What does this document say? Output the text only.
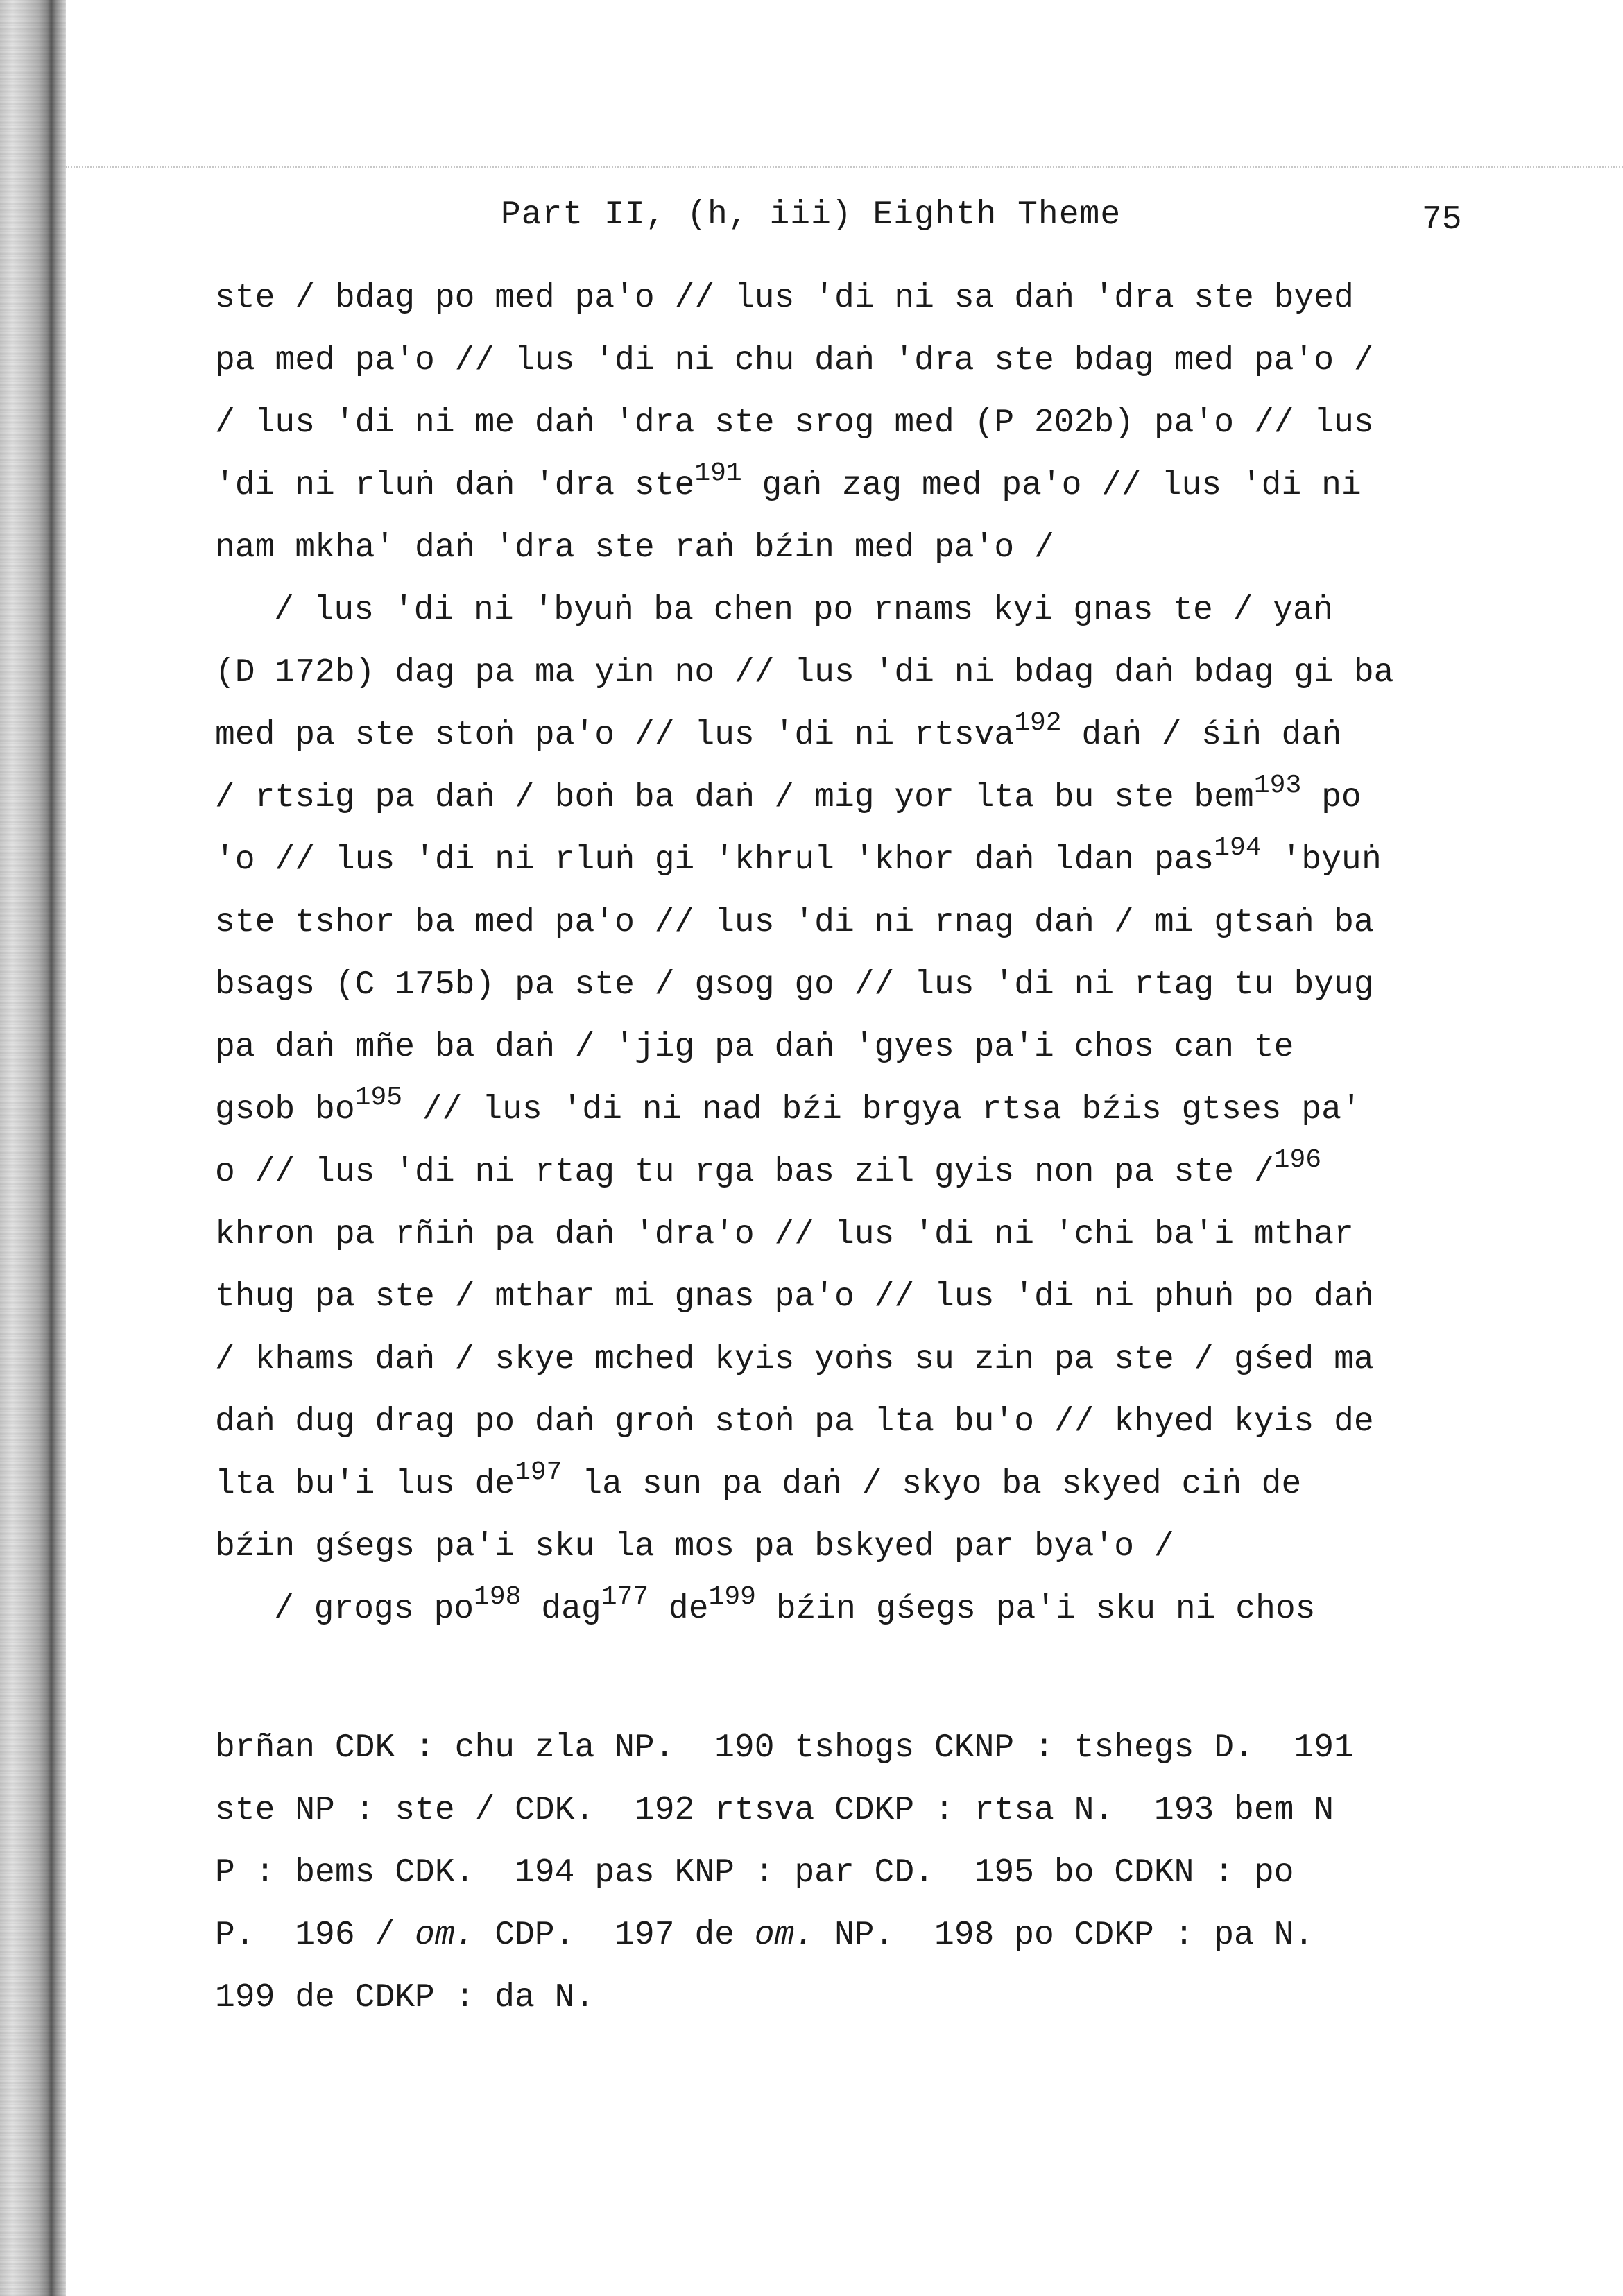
Part II, (h, iii) Eighth Theme	75
ste / bdag po med pa'o // lus 'di ni sa daṅ 'dra ste byed
pa med pa'o // lus 'di ni chu daṅ 'dra ste bdag med pa'o /
/ lus 'di ni me daṅ 'dra ste srog med (P 202b) pa'o // lus
'di ni rluṅ daṅ 'dra ste$^{191}$ gaṅ zag med pa'o // lus 'di ni
nam mkha' daṅ 'dra ste raṅ bźin med pa'o /
/ lus 'di ni 'byuṅ ba chen po rnams kyi gnas te / yaṅ
(D 172b) dag pa ma yin no // lus 'di ni bdag daṅ bdag gi ba
med pa ste stoṅ pa'o // lus 'di ni rtsva$^{192}$ daṅ / śiṅ daṅ
/ rtsig pa daṅ / boṅ ba daṅ / mig yor lta bu ste bem$^{193}$ po
'o // lus 'di ni rluṅ gi 'khrul 'khor daṅ ldan pas$^{194}$ 'byuṅ
ste tshor ba med pa'o // lus 'di ni rnag daṅ / mi gtsaṅ ba
bsags (C 175b) pa ste / gsog go // lus 'di ni rtag tu byug
pa daṅ mñe ba daṅ / 'jig pa daṅ 'gyes pa'i chos can te
gsob $bo^{195}$ // lus 'di ni nad bźi brgya rtsa bźis gtses pa'
o // lus 'di ni rtag tu rga bas zil gyis non pa ste /$^{196}$
khron pa rñiṅ pa daṅ 'dra'o // lus 'di ni 'chi ba'i mthar
thug pa ste / mthar mi gnas pa'o // lus 'di ni phuṅ po daṅ
/ khams daṅ / skye mched kyis yoṅs su zin pa ste / gśed ma
daṅ dug drag po daṅ groṅ stoṅ pa lta bu'o // khyed kyis de
lta bu'i lus $de^{197}$ la sun pa daṅ / skyo ba skyed ciṅ de
bźin gśegs pa'i sku la mos pa bskyed par bya'o /
/ grogs $po^{198}$ dag$^{177}$ $de^{199}$ bźin gśegs pa'i sku ni chos
brñan CDK : chu zla NP.  190 tshogs CKNP : tshegs D.  191
ste NP : ste / CDK.  192 rtsva CDKP : rtsa N.  193 bem N
P : bems CDK.  194 pas KNP : par CD.  195 bo CDKN : po
P.  196 / om. CDP.  197 de om. NP.  198 po CDKP : pa N.
199 de CDKP : da N.
